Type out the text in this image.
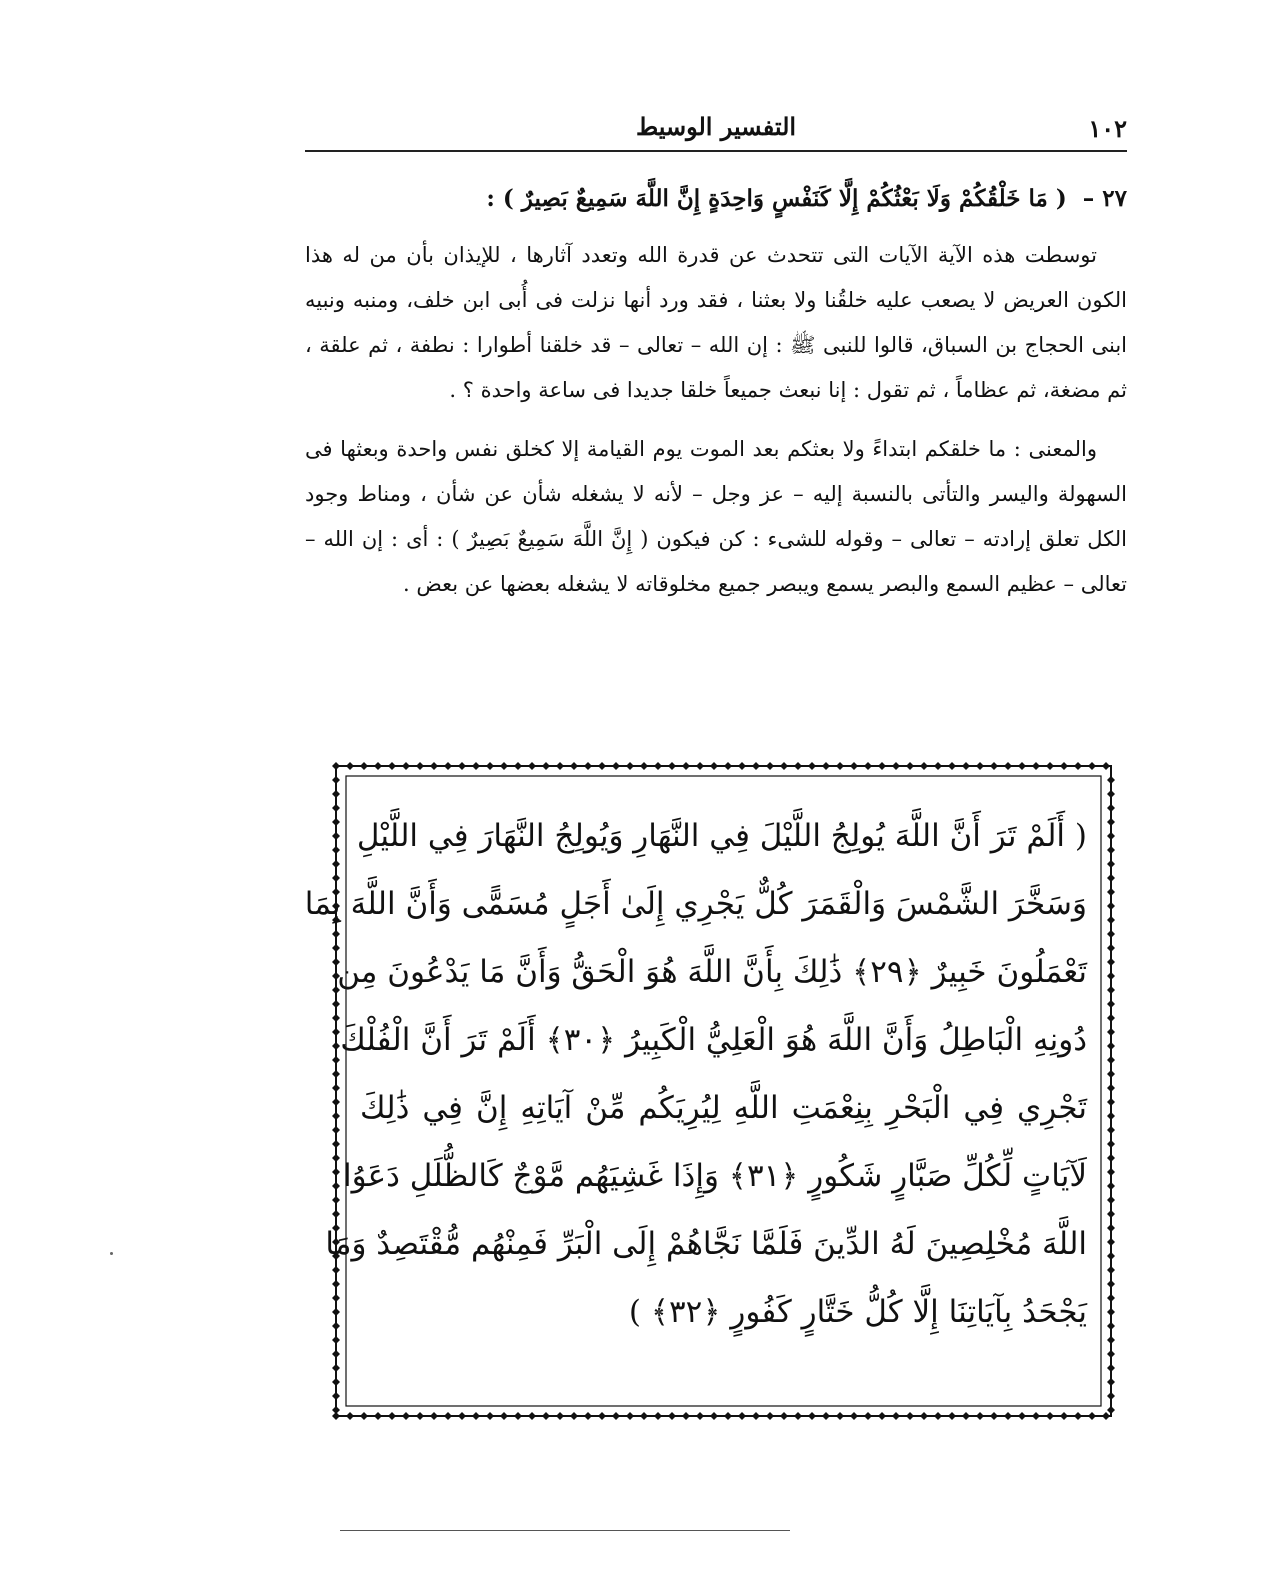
التفسير الوسيط	١٠٢

٢٧ – ( مَا خَلْقُكُمْ وَلَا بَعْثُكُمْ إِلَّا كَنَفْسٍ وَاحِدَةٍ إِنَّ اللَّهَ سَمِيعٌ بَصِيرٌ ) :

توسطت هذه الآية الآيات التى تتحدث عن قدرة الله وتعدد آثارها ، للإيذان بأن من له هذا الكون العريض لا يصعب عليه خلقُنا ولا بعثنا ، فقد ورد أنها نزلت فى أُبى ابن خلف، ومنبه ونبيه ابنى الحجاج بن السباق، قالوا للنبى ﷺ : إن الله – تعالى – قد خلقنا أطوارا : نطفة ، ثم علقة ، ثم مضغة، ثم عظاماً ، ثم تقول : إنا نبعث جميعاً خلقا جديدا فى ساعة واحدة ؟ .

والمعنى : ما خلقكم ابتداءً ولا بعثكم بعد الموت يوم القيامة إلا كخلق نفس واحدة وبعثها فى السهولة واليسر والتأتى بالنسبة إليه – عز وجل – لأنه لا يشغله شأن عن شأن ، ومناط وجود الكل تعلق إرادته – تعالى – وقوله للشىء : كن فيكون ( إِنَّ اللَّهَ سَمِيعٌ بَصِيرٌ ) : أى : إن الله – تعالى – عظيم السمع والبصر يسمع ويبصر جميع مخلوقاته لا يشغله بعضها عن بعض .

( أَلَمْ تَرَ أَنَّ اللَّهَ يُولِجُ اللَّيْلَ فِي النَّهَارِ وَيُولِجُ النَّهَارَ فِي اللَّيْلِ
وَسَخَّرَ الشَّمْسَ وَالْقَمَرَ كُلٌّ يَجْرِي إِلَىٰ أَجَلٍ مُسَمًّى وَأَنَّ اللَّهَ بِمَا
تَعْمَلُونَ خَبِيرٌ ﴿٢٩﴾ ذَٰلِكَ بِأَنَّ اللَّهَ هُوَ الْحَقُّ وَأَنَّ مَا يَدْعُونَ مِن
دُونِهِ الْبَاطِلُ وَأَنَّ اللَّهَ هُوَ الْعَلِيُّ الْكَبِيرُ ﴿٣٠﴾ أَلَمْ تَرَ أَنَّ الْفُلْكَ
تَجْرِي فِي الْبَحْرِ بِنِعْمَتِ اللَّهِ لِيُرِيَكُم مِّنْ آيَاتِهِ إِنَّ فِي ذَٰلِكَ
لَآيَاتٍ لِّكُلِّ صَبَّارٍ شَكُورٍ ﴿٣١﴾ وَإِذَا غَشِيَهُم مَّوْجٌ كَالظُّلَلِ دَعَوُا
اللَّهَ مُخْلِصِينَ لَهُ الدِّينَ فَلَمَّا نَجَّاهُمْ إِلَى الْبَرِّ فَمِنْهُم مُّقْتَصِدٌ وَمَا
يَجْحَدُ بِآيَاتِنَا إِلَّا كُلُّ خَتَّارٍ كَفُورٍ ﴿٣٢﴾ )
